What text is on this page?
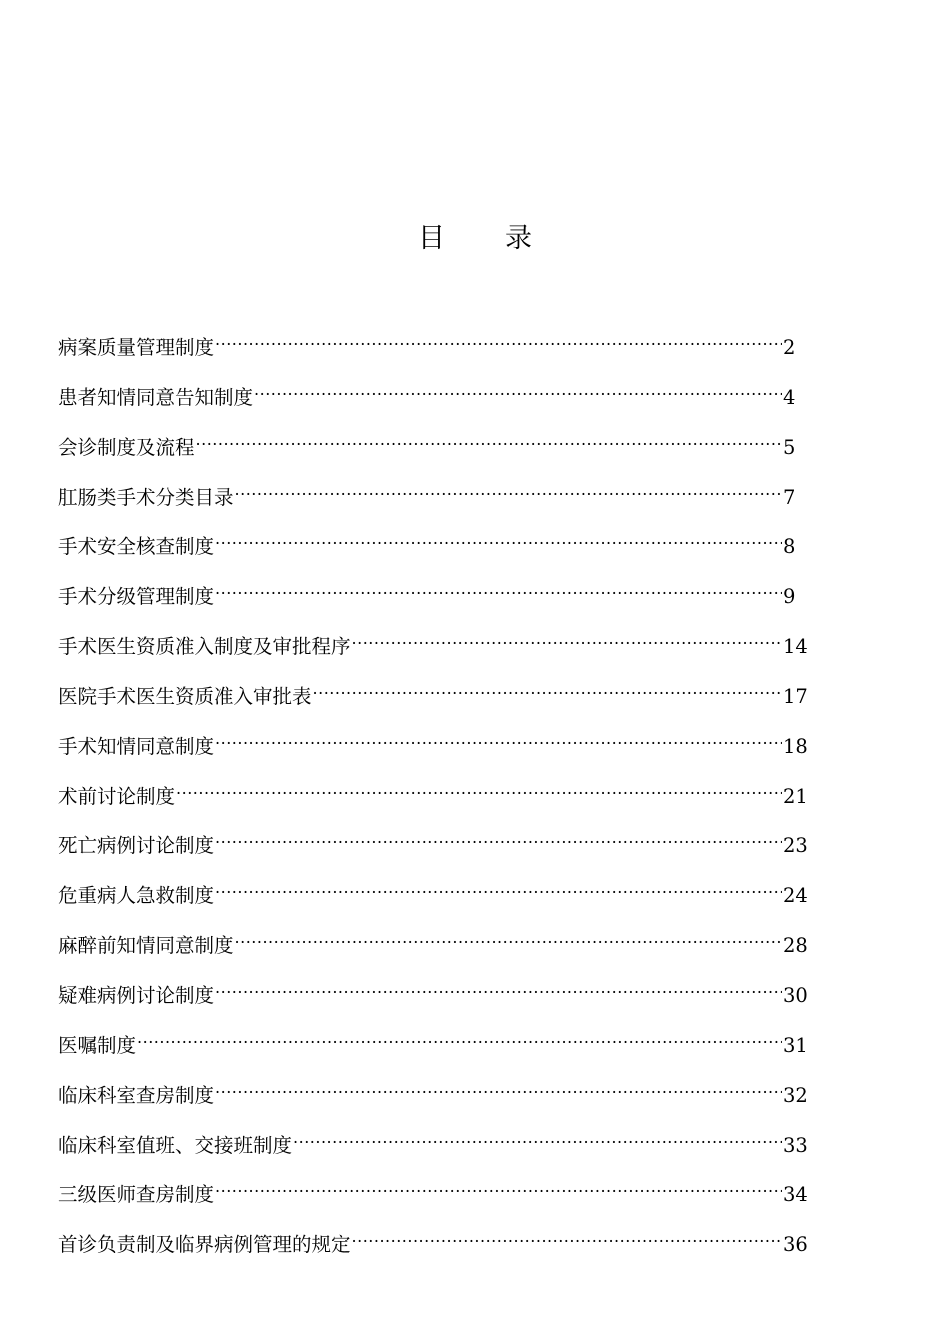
目 录
病案质量管理制度 .....	2
患者知情同意告知制度 .....	4
会诊制度及流程 .....	5
肛肠类手术分类目录 .....	7
手术安全核查制度 .....	8
手术分级管理制度 .....	9
手术医生资质准入制度及审批程序 .....	14
医院手术医生资质准入审批表 .....	17
手术知情同意制度 .....	18
术前讨论制度 .....	21
死亡病例讨论制度 .....	23
危重病人急救制度 .....	24
麻醉前知情同意制度 .....	28
疑难病例讨论制度 .....	30
医嘱制度 .....	31
临床科室查房制度 .....	32
临床科室值班、交接班制度 .....	33
三级医师查房制度 .....	34
首诊负责制及临界病例管理的规定 .....	36
